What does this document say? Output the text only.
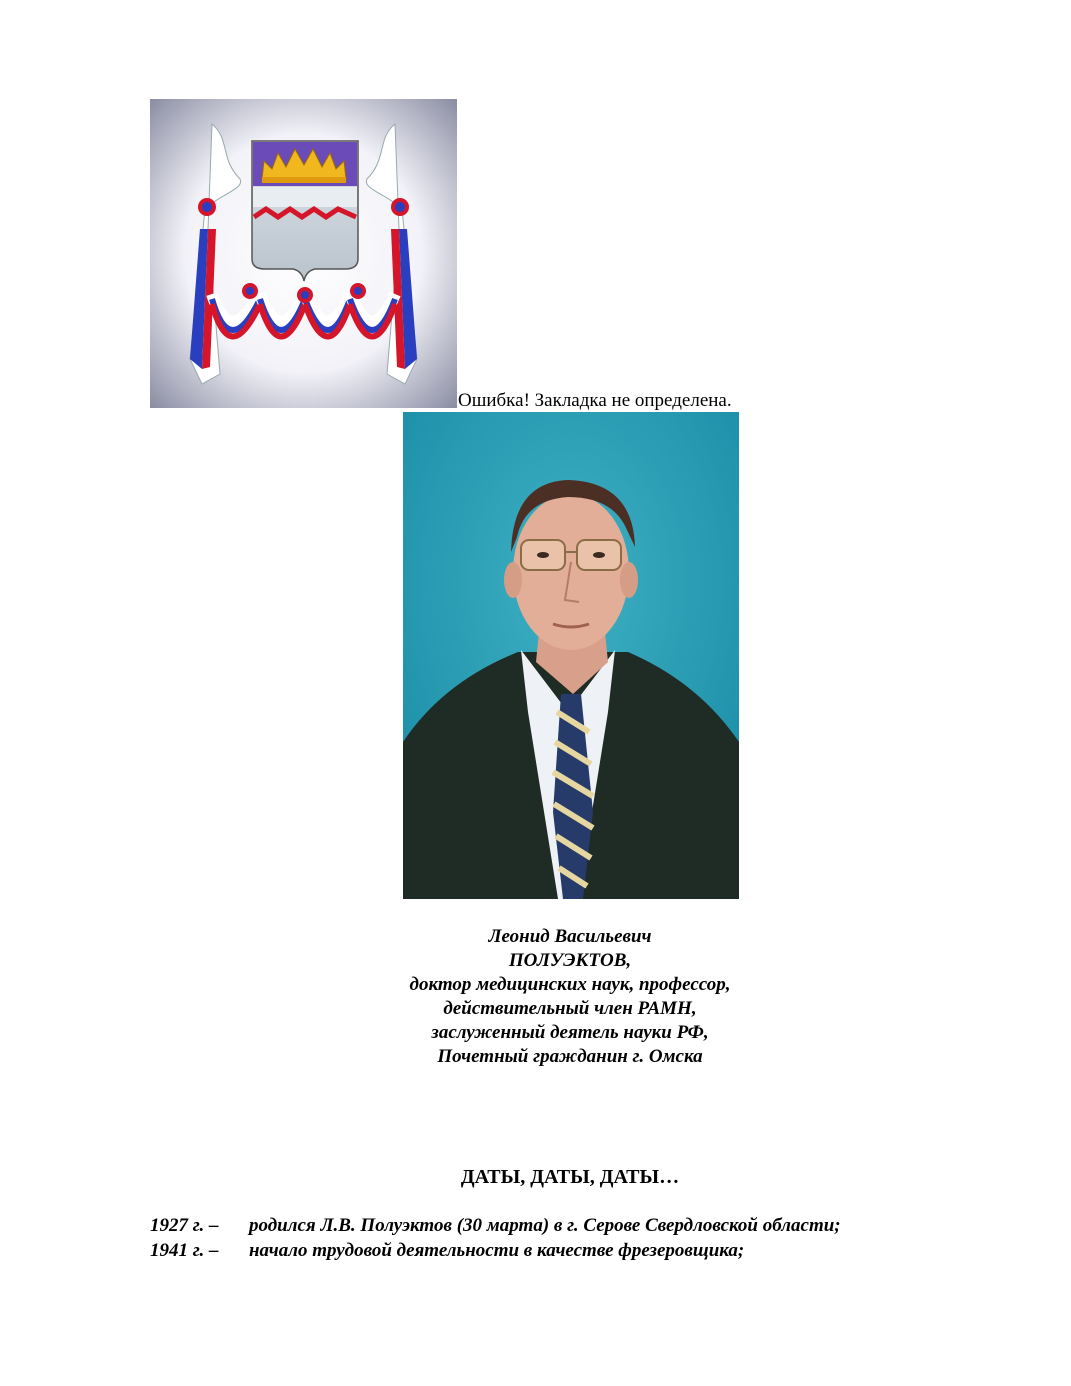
Ошибка! Закладка не определена.
Леонид Васильевич
ПОЛУЭКТОВ,
доктор медицинских наук, профессор,
действительный член РАМН,
заслуженный деятель науки РФ,
Почетный гражданин г. Омска
ДАТЫ, ДАТЫ, ДАТЫ…
1927 г. – родился Л.В. Полуэктов (30 марта) в г. Серове Свердловской области;
1941 г. – начало трудовой деятельности в качестве фрезеровщика;
